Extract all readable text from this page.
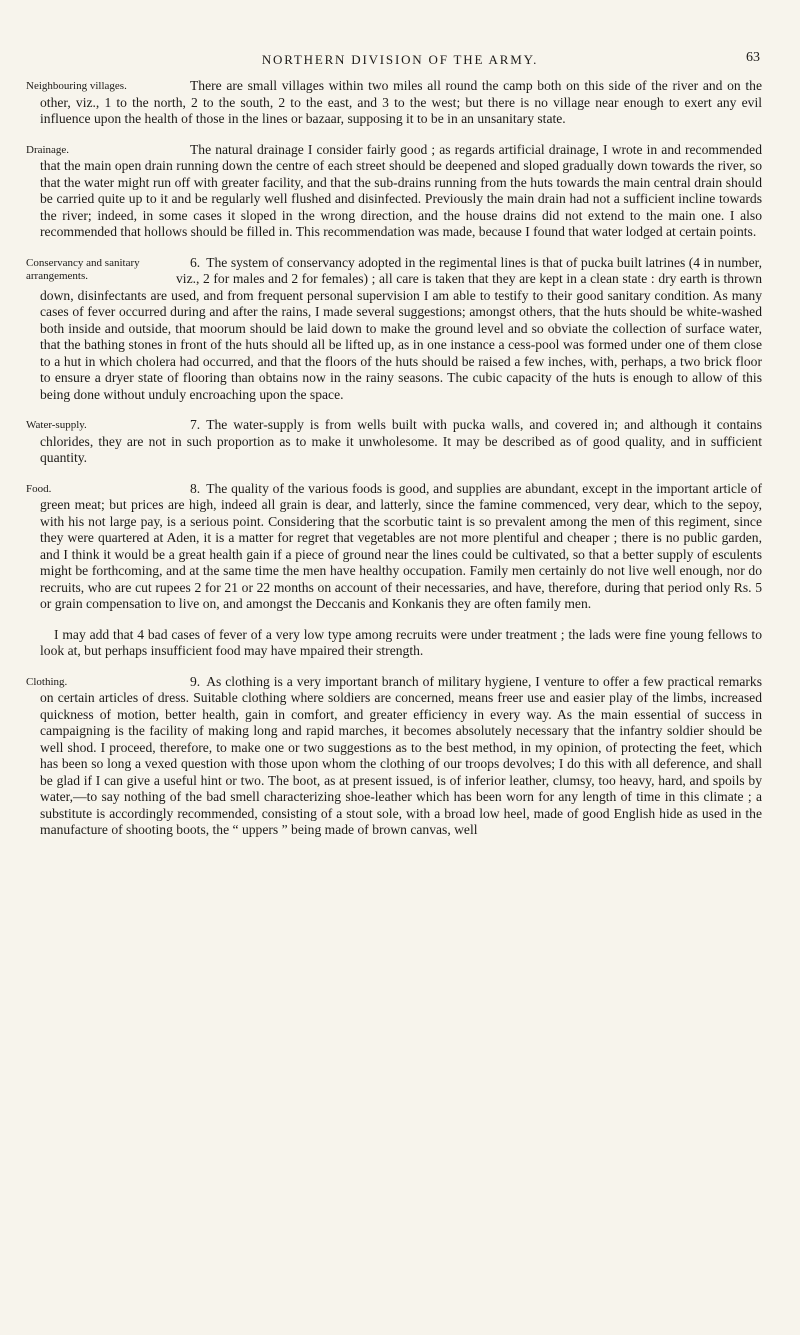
NORTHERN DIVISION OF THE ARMY.	63

Neighbouring villages.	There are small villages within two miles all round the camp both on this side of the river and on the other, viz., 1 to the north, 2 to the south, 2 to the east, and 3 to the west; but there is no village near enough to exert any evil influence upon the health of those in the lines or bazaar, supposing it to be in an unsanitary state.

Drainage.	The natural drainage I consider fairly good ; as regards artificial drainage, I wrote in and recommended that the main open drain running down the centre of each street should be deepened and sloped gradually down towards the river, so that the water might run off with greater facility, and that the sub-drains running from the huts towards the main central drain should be carried quite up to it and be regularly well flushed and disinfected. Previously the main drain had not a sufficient incline towards the river; indeed, in some cases it sloped in the wrong direction, and the house drains did not extend to the main one. I also recommended that hollows should be filled in. This recommendation was made, because I found that water lodged at certain points.

6.
Conservancy and sanitary arrangements.
The system of conservancy adopted in the regimental lines is that of pucka built latrines (4 in number, viz., 2 for males and 2 for females) ; all care is taken that they are kept in a clean state : dry earth is thrown down, disinfectants are used, and from frequent personal supervision I am able to testify to their good sanitary condition. As many cases of fever occurred during and after the rains, I made several suggestions; amongst others, that the huts should be white-washed both inside and outside, that moorum should be laid down to make the ground level and so obviate the collection of surface water, that the bathing stones in front of the huts should all be lifted up, as in one instance a cess-pool was formed under one of them close to a hut in which cholera had occurred, and that the floors of the huts should be raised a few inches, with, perhaps, a two brick floor to ensure a dryer state of flooring than obtains now in the rainy seasons. The cubic capacity of the huts is enough to allow of this being done without unduly encroaching upon the space.

7.
Water-supply.	The water-supply is from wells built with pucka walls, and covered in; and although it contains chlorides, they are not in such proportion as to make it unwholesome. It may be described as of good quality, and in sufficient quantity.

8.
Food.	The quality of the various foods is good, and supplies are abundant, except in the important article of green meat; but prices are high, indeed all grain is dear, and latterly, since the famine commenced, very dear, which to the sepoy, with his not large pay, is a serious point. Considering that the scorbutic taint is so prevalent among the men of this regiment, since they were quartered at Aden, it is a matter for regret that vegetables are not more plentiful and cheaper ; there is no public garden, and I think it would be a great health gain if a piece of ground near the lines could be cultivated, so that a better supply of esculents might be forthcoming, and at the same time the men have healthy occupation. Family men certainly do not live well enough, nor do recruits, who are cut rupees 2 for 21 or 22 months on account of their necessaries, and have, therefore, during that period only Rs. 5 or grain compensation to live on, and amongst the Deccanis and Konkanis they are often family men.

I may add that 4 bad cases of fever of a very low type among recruits were under treatment ; the lads were fine young fellows to look at, but perhaps insufficient food may have mpaired their strength.

9.
Clothing.	As clothing is a very important branch of military hygiene, I venture to offer a few practical remarks on certain articles of dress. Suitable clothing where soldiers are concerned, means freer use and easier play of the limbs, increased quickness of motion, better health, gain in comfort, and greater efficiency in every way. As the main essential of success in campaigning is the facility of making long and rapid marches, it becomes absolutely necessary that the infantry soldier should be well shod. I proceed, therefore, to make one or two suggestions as to the best method, in my opinion, of protecting the feet, which has been so long a vexed question with those upon whom the clothing of our troops devolves; I do this with all deference, and shall be glad if I can give a useful hint or two. The boot, as at present issued, is of inferior leather, clumsy, too heavy, hard, and spoils by water,—to say nothing of the bad smell characterizing shoe-leather which has been worn for any length of time in this climate ; a substitute is accordingly recommended, consisting of a stout sole, with a broad low heel, made of good English hide as used in the manufacture of shooting boots, the “ uppers ” being made of brown canvas, well
